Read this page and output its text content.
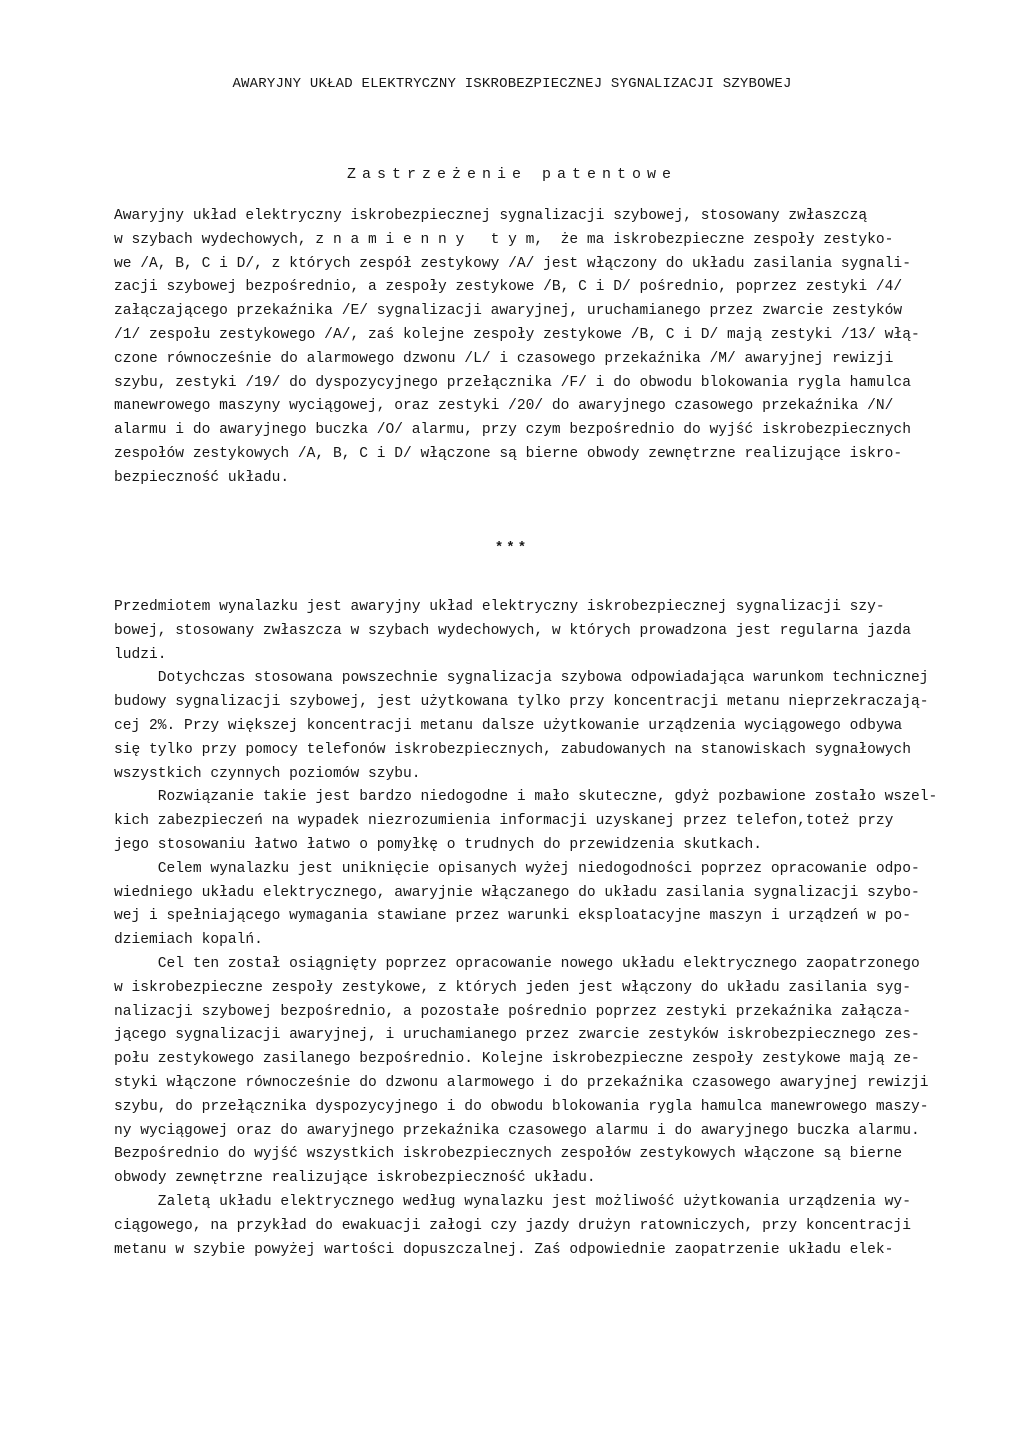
AWARYJNY UKŁAD ELEKTRYCZNY ISKROBEZPIECZNEJ SYGNALIZACJI SZYBOWEJ
Zastrzeżenie patentowe

Awaryjny układ elektryczny iskrobezpiecznej sygnalizacji szybowej, stosowany zwłaszczą
w szybach wydechowych, z n a m i e n n y   t y m,  że ma iskrobezpieczne zespoły zestyko-
we /A, B, C i D/, z których zespół zestykowy /A/ jest włączony do układu zasilania sygnali-
zacji szybowej bezpośrednio, a zespoły zestykowe /B, C i D/ pośrednio, poprzez zestyki /4/
załączającego przekaźnika /E/ sygnalizacji awaryjnej, uruchamianego przez zwarcie zestyków
/1/ zespołu zestykowego /A/, zaś kolejne zespoły zestykowe /B, C i D/ mają zestyki /13/ włą-
czone równocześnie do alarmowego dzwonu /L/ i czasowego przekaźnika /M/ awaryjnej rewizji
szybu, zestyki /19/ do dyspozycyjnego przełącznika /F/ i do obwodu blokowania rygla hamulca
manewrowego maszyny wyciągowej, oraz zestyki /20/ do awaryjnego czasowego przekaźnika /N/
alarmu i do awaryjnego buczka /O/ alarmu, przy czym bezpośrednio do wyjść iskrobezpiecznych
zespołów zestykowych /A, B, C i D/ włączone są bierne obwody zewnętrzne realizujące iskro-
bezpieczność układu.

***

Przedmiotem wynalazku jest awaryjny układ elektryczny iskrobezpiecznej sygnalizacji szy-
bowej, stosowany zwłaszcza w szybach wydechowych, w których prowadzona jest regularna jazda
ludzi.
Dotychczas stosowana powszechnie sygnalizacja szybowa odpowiadająca warunkom technicznej
budowy sygnalizacji szybowej, jest użytkowana tylko przy koncentracji metanu nieprzekraczają-
cej 2%. Przy większej koncentracji metanu dalsze użytkowanie urządzenia wyciągowego odbywa
się tylko przy pomocy telefonów iskrobezpiecznych, zabudowanych na stanowiskach sygnałowych
wszystkich czynnych poziomów szybu.
Rozwiązanie takie jest bardzo niedogodne i mało skuteczne, gdyż pozbawione zostało wszel-
kich zabezpieczeń na wypadek niezrozumienia informacji uzyskanej przez telefon,toteż przy
jego stosowaniu łatwo łatwo o pomyłkę o trudnych do przewidzenia skutkach.
Celem wynalazku jest uniknięcie opisanych wyżej niedogodności poprzez opracowanie odpo-
wiedniego układu elektrycznego, awaryjnie włączanego do układu zasilania sygnalizacji szybo-
wej i spełniającego wymagania stawiane przez warunki eksploatacyjne maszyn i urządzeń w po-
dziemiach kopalń.
Cel ten został osiągnięty poprzez opracowanie nowego układu elektrycznego zaopatrzonego
w iskrobezpieczne zespoły zestykowe, z których jeden jest włączony do układu zasilania syg-
nalizacji szybowej bezpośrednio, a pozostałe pośrednio poprzez zestyki przekaźnika załącza-
jącego sygnalizacji awaryjnej, i uruchamianego przez zwarcie zestyków iskrobezpiecznego zes-
połu zestykowego zasilanego bezpośrednio. Kolejne iskrobezpieczne zespoły zestykowe mają ze-
styki włączone równocześnie do dzwonu alarmowego i do przekaźnika czasowego awaryjnej rewizji
szybu, do przełącznika dyspozycyjnego i do obwodu blokowania rygla hamulca manewrowego maszy-
ny wyciągowej oraz do awaryjnego przekaźnika czasowego alarmu i do awaryjnego buczka alarmu.
Bezpośrednio do wyjść wszystkich iskrobezpiecznych zespołów zestykowych włączone są bierne
obwody zewnętrzne realizujące iskrobezpieczność układu.
Zaletą układu elektrycznego według wynalazku jest możliwość użytkowania urządzenia wy-
ciągowego, na przykład do ewakuacji załogi czy jazdy drużyn ratowniczych, przy koncentracji
metanu w szybie powyżej wartości dopuszczalnej. Zaś odpowiednie zaopatrzenie układu elek-
